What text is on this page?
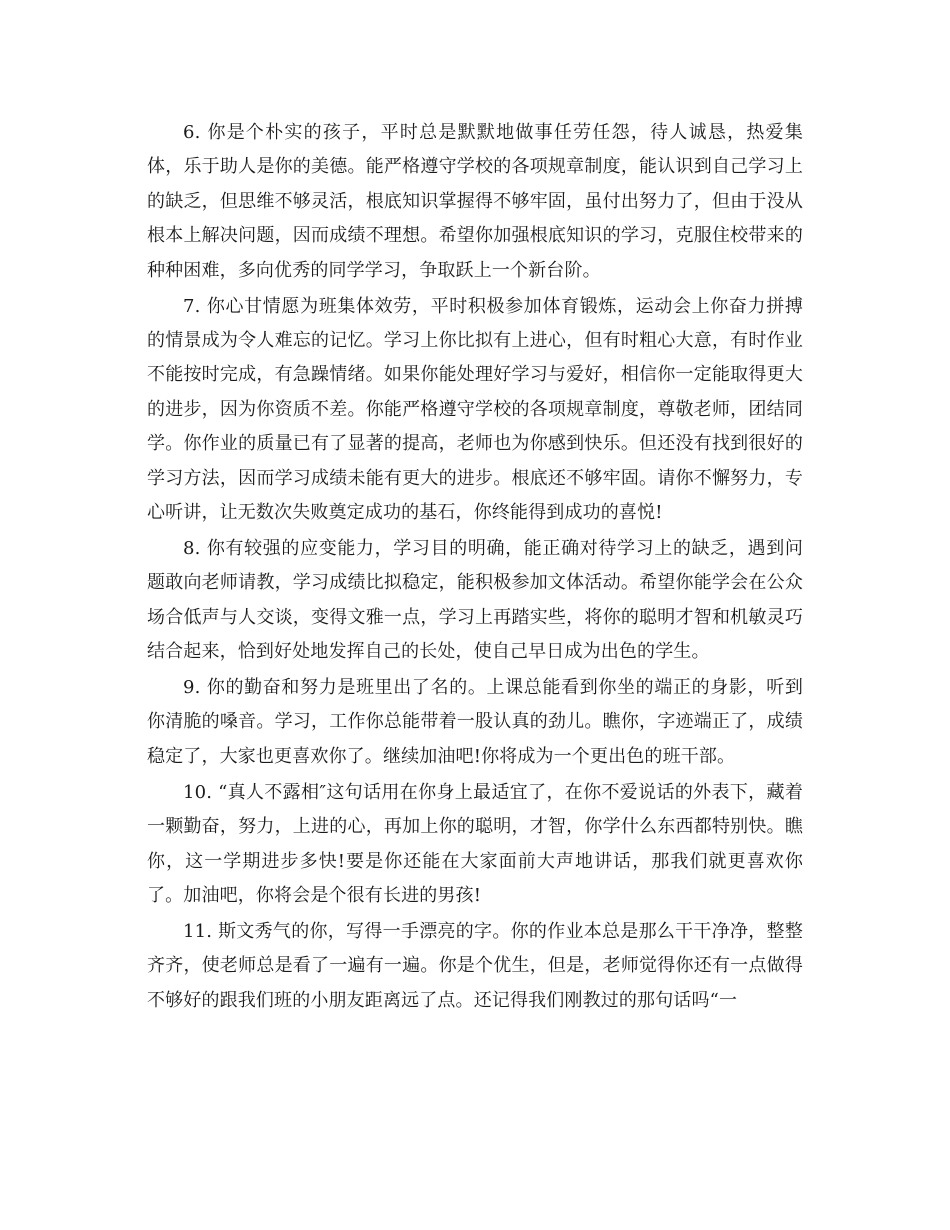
6. 你是个朴实的孩子，平时总是默默地做事任劳任怨，待人诚恳，热爱集体，乐于助人是你的美德。能严格遵守学校的各项规章制度，能认识到自己学习上的缺乏，但思维不够灵活，根底知识掌握得不够牢固，虽付出努力了，但由于没从根本上解决问题，因而成绩不理想。希望你加强根底知识的学习，克服住校带来的种种困难，多向优秀的同学学习，争取跃上一个新台阶。

7. 你心甘情愿为班集体效劳，平时积极参加体育锻炼，运动会上你奋力拼搏的情景成为令人难忘的记忆。学习上你比拟有上进心，但有时粗心大意，有时作业不能按时完成，有急躁情绪。如果你能处理好学习与爱好，相信你一定能取得更大的进步，因为你资质不差。你能严格遵守学校的各项规章制度，尊敬老师，团结同学。你作业的质量已有了显著的提高，老师也为你感到快乐。但还没有找到很好的学习方法，因而学习成绩未能有更大的进步。根底还不够牢固。请你不懈努力，专心听讲，让无数次失败奠定成功的基石，你终能得到成功的喜悦!

8. 你有较强的应变能力，学习目的明确，能正确对待学习上的缺乏，遇到问题敢向老师请教，学习成绩比拟稳定，能积极参加文体活动。希望你能学会在公众场合低声与人交谈，变得文雅一点，学习上再踏实些，将你的聪明才智和机敏灵巧结合起来，恰到好处地发挥自己的长处，使自己早日成为出色的学生。

9. 你的勤奋和努力是班里出了名的。上课总能看到你坐的端正的身影，听到你清脆的嗓音。学习，工作你总能带着一股认真的劲儿。瞧你，字迹端正了，成绩稳定了，大家也更喜欢你了。继续加油吧!你将成为一个更出色的班干部。

10. “真人不露相″这句话用在你身上最适宜了，在你不爱说话的外表下，藏着一颗勤奋，努力，上进的心，再加上你的聪明，才智，你学什么东西都特别快。瞧你，这一学期进步多快!要是你还能在大家面前大声地讲话，那我们就更喜欢你了。加油吧，你将会是个很有长进的男孩!

11. 斯文秀气的你，写得一手漂亮的字。你的作业本总是那么干干净净，整整齐齐，使老师总是看了一遍有一遍。你是个优生，但是，老师觉得你还有一点做得不够好的跟我们班的小朋友距离远了点。还记得我们刚教过的那句话吗“一
